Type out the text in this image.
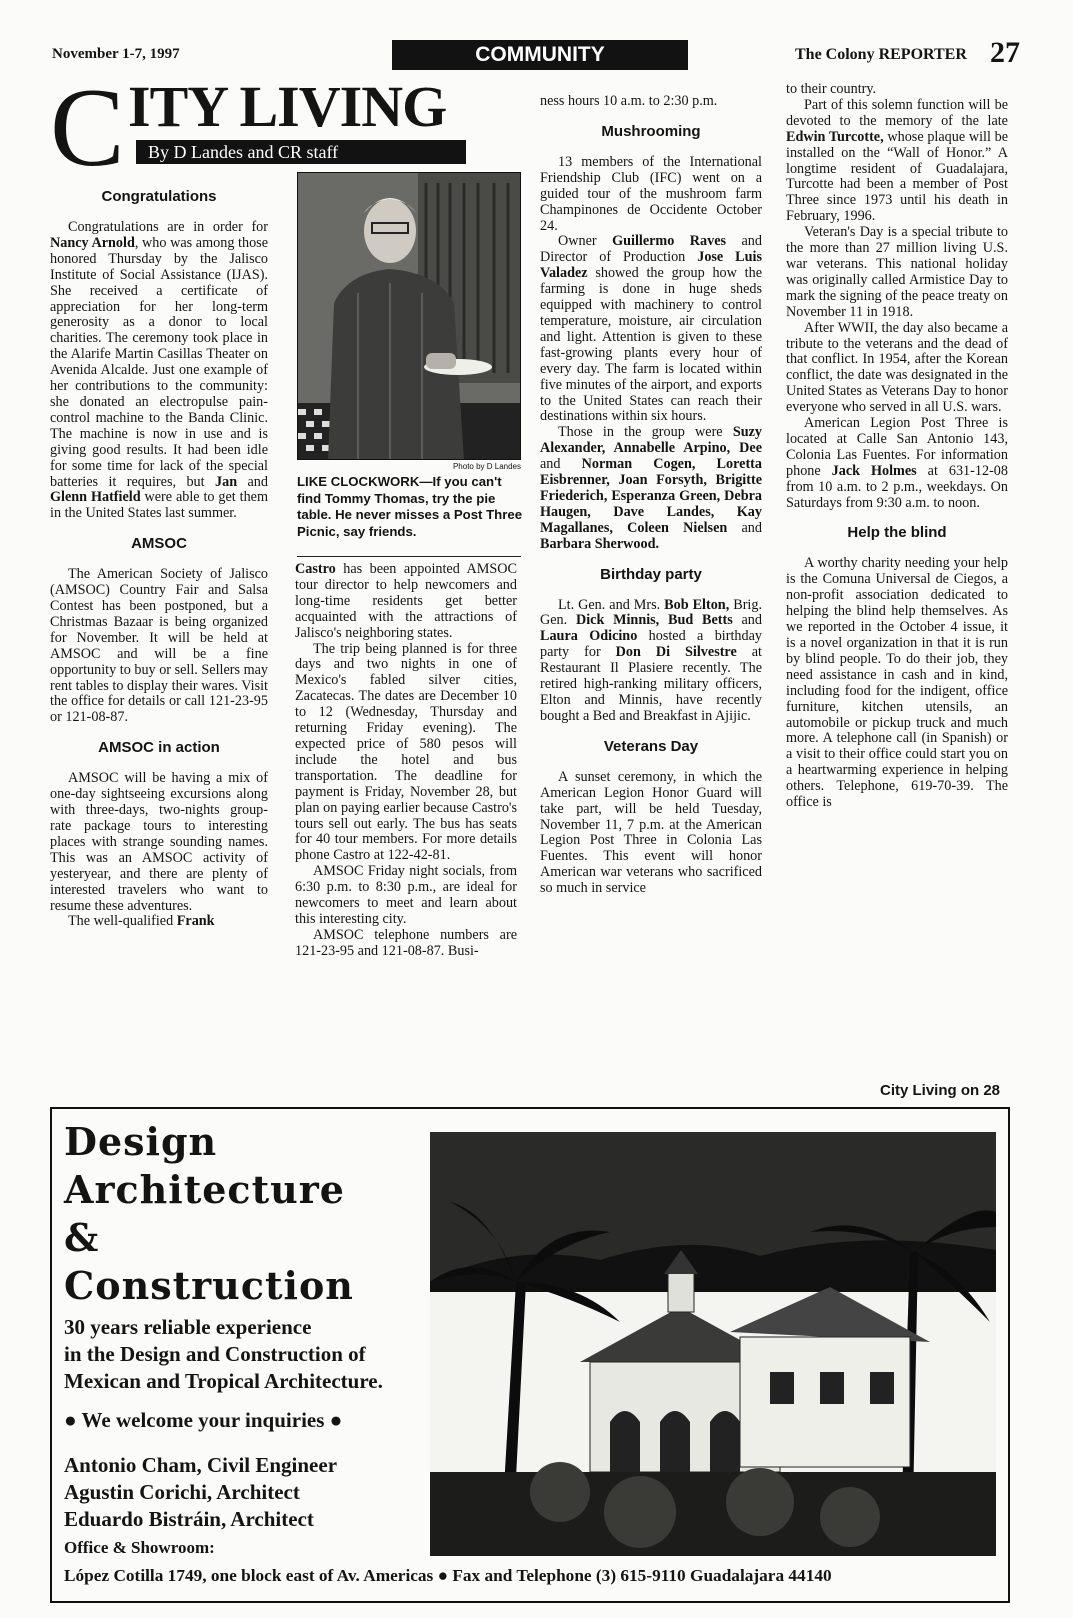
November 1-7, 1997	COMMUNITY	The Colony REPORTER 27
C ITY LIVING
By D Landes and CR staff
Congratulations

Congratulations are in order for Nancy Arnold, who was among those honored Thursday by the Jalisco Institute of Social Assistance (IJAS). She received a certificate of appreciation for her long-term generosity as a donor to local charities. The ceremony took place in the Alarife Martin Casillas Theater on Avenida Alcalde. Just one example of her contributions to the community: she donated an electropulse pain-control machine to the Banda Clinic. The machine is now in use and is giving good results. It had been idle for some time for lack of the special batteries it requires, but Jan and Glenn Hatfield were able to get them in the United States last summer.

AMSOC

The American Society of Jalisco (AMSOC) Country Fair and Salsa Contest has been postponed, but a Christmas Bazaar is being organized for November. It will be held at AMSOC and will be a fine opportunity to buy or sell. Sellers may rent tables to display their wares. Visit the office for details or call 121-23-95 or 121-08-87.

AMSOC in action

AMSOC will be having a mix of one-day sightseeing excursions along with three-days, two-nights group-rate package tours to interesting places with strange sounding names. This was an AMSOC activity of yesteryear, and there are plenty of interested travelers who want to resume these adventures.

The well-qualified Frank

Photo by D Landes
LIKE CLOCKWORK—If you can't find Tommy Thomas, try the pie table. He never misses a Post Three Picnic, say friends.

Castro has been appointed AMSOC tour director to help newcomers and long-time residents get better acquainted with the attractions of Jalisco's neighboring states.

The trip being planned is for three days and two nights in one of Mexico's fabled silver cities, Zacatecas. The dates are December 10 to 12 (Wednesday, Thursday and returning Friday evening). The expected price of 580 pesos will include the hotel and bus transportation. The deadline for payment is Friday, November 28, but plan on paying earlier because Castro's tours sell out early. The bus has seats for 40 tour members. For more details phone Castro at 122-42-81.

AMSOC Friday night socials, from 6:30 p.m. to 8:30 p.m., are ideal for newcomers to meet and learn about this interesting city.

AMSOC telephone numbers are 121-23-95 and 121-08-87. Busi-

ness hours 10 a.m. to 2:30 p.m.

Mushrooming

13 members of the International Friendship Club (IFC) went on a guided tour of the mushroom farm Champinones de Occidente October 24.

Owner Guillermo Raves and Director of Production Jose Luis Valadez showed the group how the farming is done in huge sheds equipped with machinery to control temperature, moisture, air circulation and light. Attention is given to these fast-growing plants every hour of every day. The farm is located within five minutes of the airport, and exports to the United States can reach their destinations within six hours.

Those in the group were Suzy Alexander, Annabelle Arpino, Dee and Norman Cogen, Loretta Eisbrenner, Joan Forsyth, Brigitte Friederich, Esperanza Green, Debra Haugen, Dave Landes, Kay Magallanes, Coleen Nielsen and Barbara Sherwood.

Birthday party

Lt. Gen. and Mrs. Bob Elton, Brig. Gen. Dick Minnis, Bud Betts and Laura Odicino hosted a birthday party for Don Di Silvestre at Restaurant Il Plasiere recently. The retired high-ranking military officers, Elton and Minnis, have recently bought a Bed and Breakfast in Ajijic.

Veterans Day

A sunset ceremony, in which the American Legion Honor Guard will take part, will be held Tuesday, November 11, 7 p.m. at the American Legion Post Three in Colonia Las Fuentes. This event will honor American war veterans who sacrificed so much in service

to their country.

Part of this solemn function will be devoted to the memory of the late Edwin Turcotte, whose plaque will be installed on the “Wall of Honor.” A longtime resident of Guadalajara, Turcotte had been a member of Post Three since 1973 until his death in February, 1996.

Veteran's Day is a special tribute to the more than 27 million living U.S. war veterans. This national holiday was originally called Armistice Day to mark the signing of the peace treaty on November 11 in 1918.

After WWII, the day also became a tribute to the veterans and the dead of that conflict. In 1954, after the Korean conflict, the date was designated in the United States as Veterans Day to honor everyone who served in all U.S. wars.

American Legion Post Three is located at Calle San Antonio 143, Colonia Las Fuentes. For information phone Jack Holmes at 631-12-08 from 10 a.m. to 2 p.m., weekdays. On Saturdays from 9:30 a.m. to noon.

Help the blind

A worthy charity needing your help is the Comuna Universal de Ciegos, a non-profit association dedicated to helping the blind help themselves. As we reported in the October 4 issue, it is a novel organization in that it is run by blind people. To do their job, they need assistance in cash and in kind, including food for the indigent, office furniture, kitchen utensils, an automobile or pickup truck and much more. A telephone call (in Spanish) or a visit to their office could start you on a heartwarming experience in helping others. Telephone, 619-70-39. The office is

City Living on 28
Design
Architecture
&
Construction
30 years reliable experience
in the Design and Construction of
Mexican and Tropical Architecture.
● We welcome your inquiries ●
Antonio Cham, Civil Engineer
Agustin Corichi, Architect
Eduardo Bistráin, Architect
Office & Showroom:
López Cotilla 1749, one block east of Av. Americas ● Fax and Telephone (3) 615-9110 Guadalajara 44140
